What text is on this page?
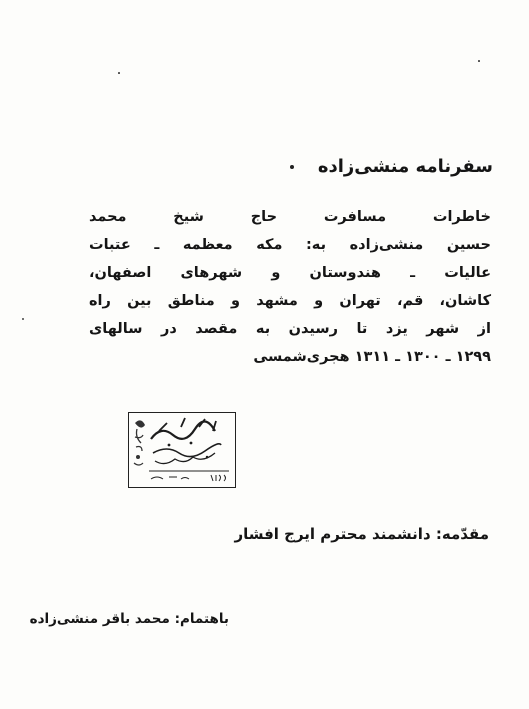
سفرنامه منشی‌زاده
خاطرات مسافرت حاج شیخ محمد
حسین منشی‌زاده به: مکه معظمه ـ عتبات
عالیات ـ هندوستان و شهرهای اصفهان،
کاشان، قم، تهران و مشهد و مناطق بین راه
از شهر یزد تا رسیدن به مقصد در سالهای
۱۲۹۹ ـ ۱۳۰۰ ـ ۱۳۱۱ هجری‌شمسی
مقدّمه: دانشمند محترم ایرج افشار
باهتمام: محمد باقر منشی‌زاده
